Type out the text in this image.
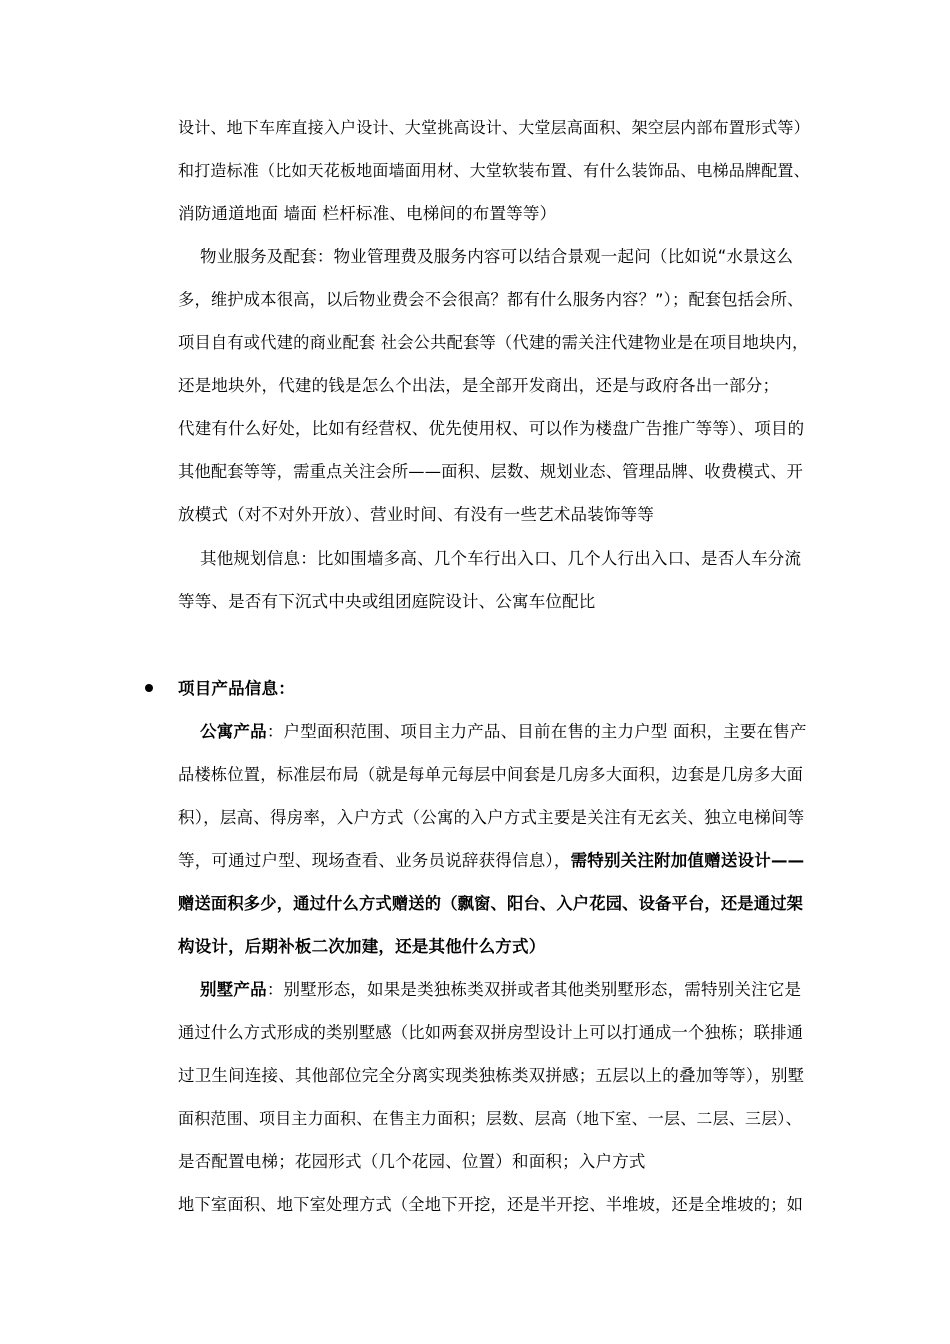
设计、地下车库直接入户设计、大堂挑高设计、大堂层高面积、架空层内部布置形式等）
和打造标准（比如天花板地面墙面用材、大堂软装布置、有什么装饰品、电梯品牌配置、
消防通道地面 墙面 栏杆标准、电梯间的布置等等）
物业服务及配套：物业管理费及服务内容可以结合景观一起问（比如说“水景这么
多，维护成本很高，以后物业费会不会很高？都有什么服务内容？”）；配套包括会所、
项目自有或代建的商业配套 社会公共配套等（代建的需关注代建物业是在项目地块内，
还是地块外，代建的钱是怎么个出法，是全部开发商出，还是与政府各出一部分；
代建有什么好处，比如有经营权、优先使用权、可以作为楼盘广告推广等等）、项目的
其他配套等等，需重点关注会所——面积、层数、规划业态、管理品牌、收费模式、开
放模式（对不对外开放）、营业时间、有没有一些艺术品装饰等等
其他规划信息：比如围墙多高、几个车行出入口、几个人行出入口、是否人车分流
等等、是否有下沉式中央或组团庭院设计、公寓车位配比
项目产品信息：
公寓产品：户型面积范围、项目主力产品、目前在售的主力户型 面积，主要在售产
品楼栋位置，标准层布局（就是每单元每层中间套是几房多大面积，边套是几房多大面
积），层高、得房率，入户方式（公寓的入户方式主要是关注有无玄关、独立电梯间等
等，可通过户型、现场查看、业务员说辞获得信息），需特别关注附加值赠送设计——
赠送面积多少，通过什么方式赠送的（飘窗、阳台、入户花园、设备平台，还是通过架
构设计，后期补板二次加建，还是其他什么方式）
别墅产品：别墅形态，如果是类独栋类双拼或者其他类别墅形态，需特别关注它是
通过什么方式形成的类别墅感（比如两套双拼房型设计上可以打通成一个独栋；联排通
过卫生间连接、其他部位完全分离实现类独栋类双拼感；五层以上的叠加等等），别墅
面积范围、项目主力面积、在售主力面积；层数、层高（地下室、一层、二层、三层）、
是否配置电梯；花园形式（几个花园、位置）和面积；入户方式
地下室面积、地下室处理方式（全地下开挖，还是半开挖、半堆坡，还是全堆坡的；如
